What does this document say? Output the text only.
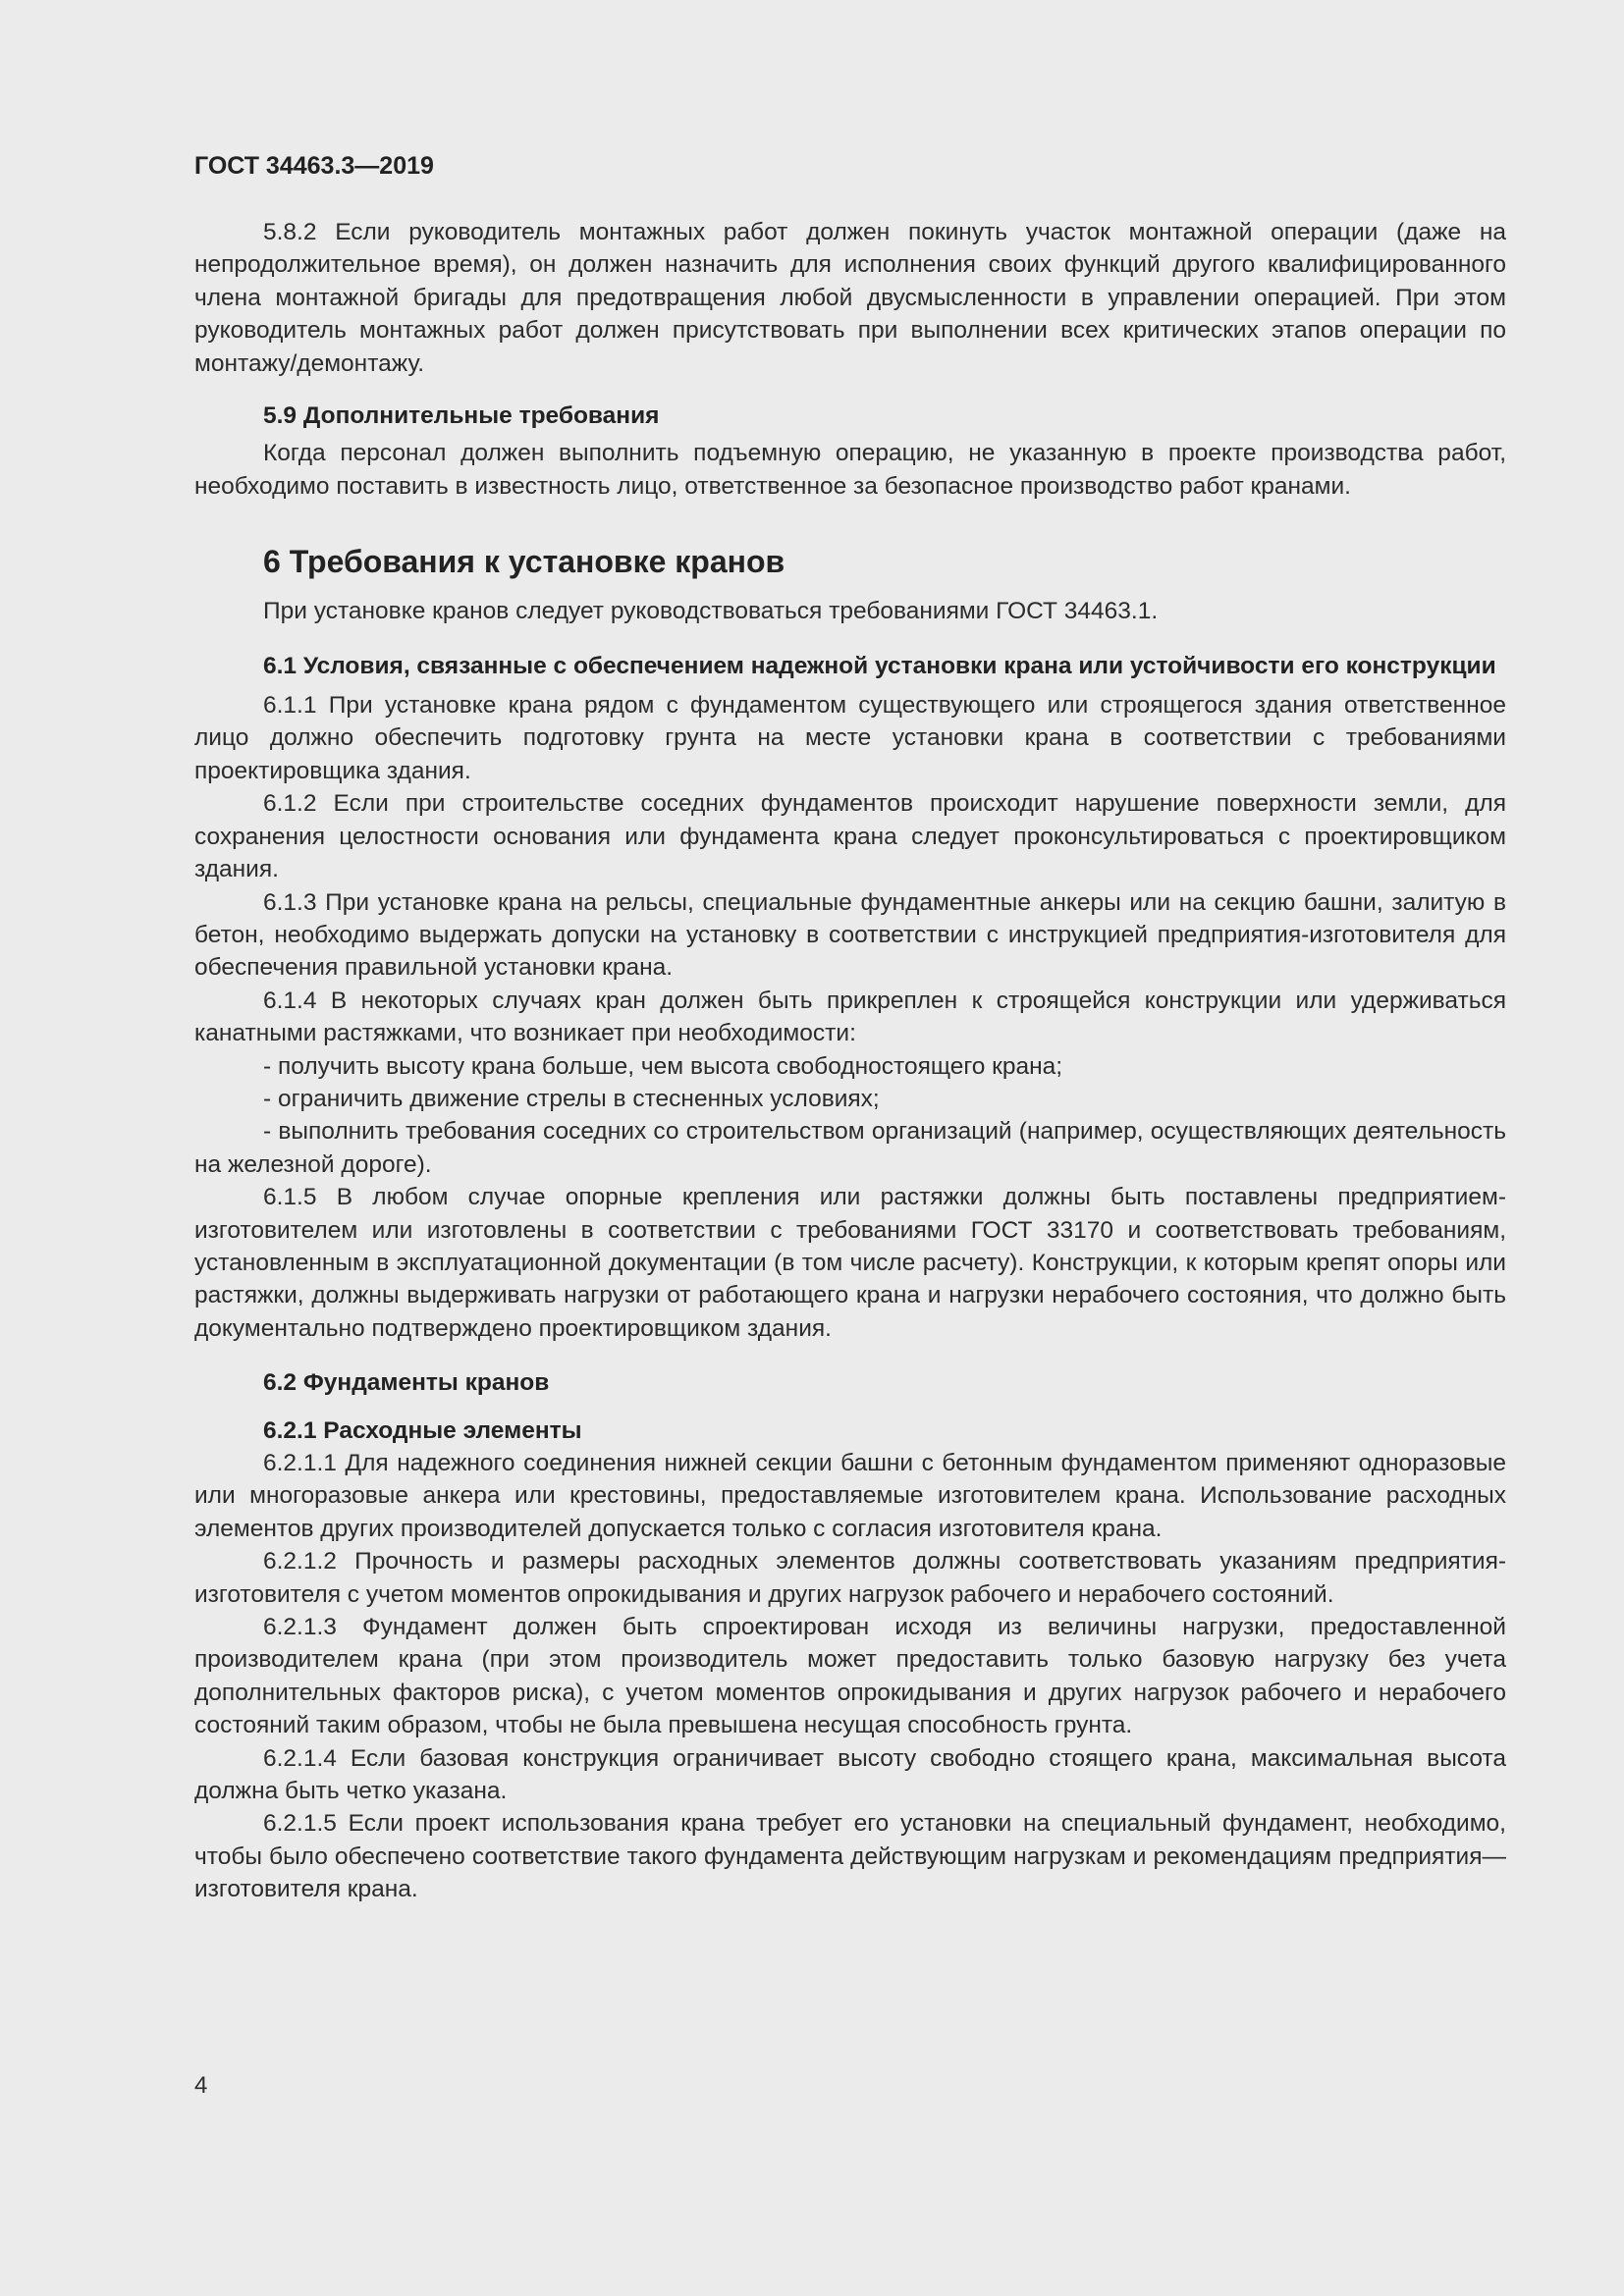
ГОСТ 34463.3—2019

5.8.2 Если руководитель монтажных работ должен покинуть участок монтажной операции (даже на непродолжительное время), он должен назначить для исполнения своих функций другого квалифицированного члена монтажной бригады для предотвращения любой двусмысленности в управлении операцией. При этом руководитель монтажных работ должен присутствовать при выполнении всех критических этапов операции по монтажу/демонтажу.

5.9 Дополнительные требования

Когда персонал должен выполнить подъемную операцию, не указанную в проекте производства работ, необходимо поставить в известность лицо, ответственное за безопасное производство работ кранами.

6 Требования к установке кранов

При установке кранов следует руководствоваться требованиями ГОСТ 34463.1.

6.1 Условия, связанные с обеспечением надежной установки крана или устойчивости его конструкции

6.1.1 При установке крана рядом с фундаментом существующего или строящегося здания ответственное лицо должно обеспечить подготовку грунта на месте установки крана в соответствии с требованиями проектировщика здания.

6.1.2 Если при строительстве соседних фундаментов происходит нарушение поверхности земли, для сохранения целостности основания или фундамента крана следует проконсультироваться с проектировщиком здания.

6.1.3 При установке крана на рельсы, специальные фундаментные анкеры или на секцию башни, залитую в бетон, необходимо выдержать допуски на установку в соответствии с инструкцией предприятия-изготовителя для обеспечения правильной установки крана.

6.1.4 В некоторых случаях кран должен быть прикреплен к строящейся конструкции или удерживаться канатными растяжками, что возникает при необходимости:

- получить высоту крана больше, чем высота свободностоящего крана;

- ограничить движение стрелы в стесненных условиях;

- выполнить требования соседних со строительством организаций (например, осуществляющих деятельность на железной дороге).

6.1.5 В любом случае опорные крепления или растяжки должны быть поставлены предприятием-изготовителем или изготовлены в соответствии с требованиями ГОСТ 33170 и соответствовать требованиям, установленным в эксплуатационной документации (в том числе расчету). Конструкции, к которым крепят опоры или растяжки, должны выдерживать нагрузки от работающего крана и нагрузки нерабочего состояния, что должно быть документально подтверждено проектировщиком здания.

6.2 Фундаменты кранов
6.2.1 Расходные элементы

6.2.1.1 Для надежного соединения нижней секции башни с бетонным фундаментом применяют одноразовые или многоразовые анкера или крестовины, предоставляемые изготовителем крана. Использование расходных элементов других производителей допускается только с согласия изготовителя крана.

6.2.1.2 Прочность и размеры расходных элементов должны соответствовать указаниям предприятия-изготовителя с учетом моментов опрокидывания и других нагрузок рабочего и нерабочего состояний.

6.2.1.3 Фундамент должен быть спроектирован исходя из величины нагрузки, предоставленной производителем крана (при этом производитель может предоставить только базовую нагрузку без учета дополнительных факторов риска), с учетом моментов опрокидывания и других нагрузок рабочего и нерабочего состояний таким образом, чтобы не была превышена несущая способность грунта.

6.2.1.4 Если базовая конструкция ограничивает высоту свободно стоящего крана, максимальная высота должна быть четко указана.

6.2.1.5 Если проект использования крана требует его установки на специальный фундамент, необходимо, чтобы было обеспечено соответствие такого фундамента действующим нагрузкам и рекомендациям предприятия—изготовителя крана.

4
